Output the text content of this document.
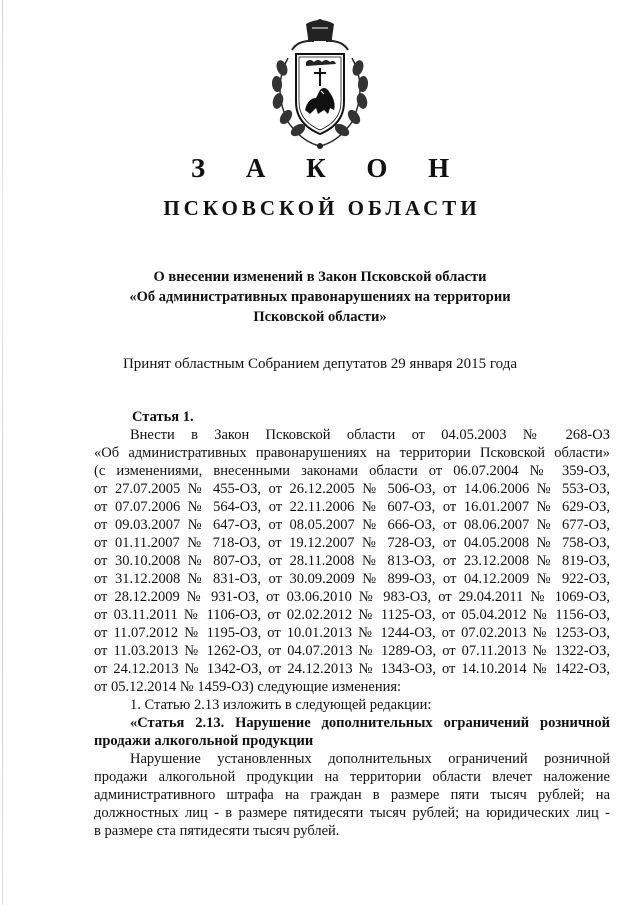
З А К О Н
ПСКОВСКОЙ ОБЛАСТИ
О внесении изменений в Закон Псковской области
«Об административных правонарушениях на территории
Псковской области»
Принят областным Собранием депутатов 29 января 2015 года
Статья 1.
Внести в Закон Псковской области от 04.05.2003 № 268-ОЗ
«Об административных правонарушениях на территории Псковской области»
(с изменениями, внесенными законами области от 06.07.2004 № 359-ОЗ,
от 27.07.2005 № 455-ОЗ, от 26.12.2005 № 506-ОЗ, от 14.06.2006 № 553-ОЗ,
от 07.07.2006 № 564-ОЗ, от 22.11.2006 № 607-ОЗ, от 16.01.2007 № 629-ОЗ,
от 09.03.2007 № 647-ОЗ, от 08.05.2007 № 666-ОЗ, от 08.06.2007 № 677-ОЗ,
от 01.11.2007 № 718-ОЗ, от 19.12.2007 № 728-ОЗ, от 04.05.2008 № 758-ОЗ,
от 30.10.2008 № 807-ОЗ, от 28.11.2008 № 813-ОЗ, от 23.12.2008 № 819-ОЗ,
от 31.12.2008 № 831-ОЗ, от 30.09.2009 № 899-ОЗ, от 04.12.2009 № 922-ОЗ,
от 28.12.2009 № 931-ОЗ, от 03.06.2010 № 983-ОЗ, от 29.04.2011 № 1069-ОЗ,
от 03.11.2011 № 1106-ОЗ, от 02.02.2012 № 1125-ОЗ, от 05.04.2012 № 1156-ОЗ,
от 11.07.2012 № 1195-ОЗ, от 10.01.2013 № 1244-ОЗ, от 07.02.2013 № 1253-ОЗ,
от 11.03.2013 № 1262-ОЗ, от 04.07.2013 № 1289-ОЗ, от 07.11.2013 № 1322-ОЗ,
от 24.12.2013 № 1342-ОЗ, от 24.12.2013 № 1343-ОЗ, от 14.10.2014 № 1422-ОЗ,
от 05.12.2014 № 1459-ОЗ) следующие изменения:
1. Статью 2.13 изложить в следующей редакции:
«Статья 2.13. Нарушение дополнительных ограничений розничной
продажи алкогольной продукции
Нарушение установленных дополнительных ограничений розничной
продажи алкогольной продукции на территории области влечет наложение
административного штрафа на граждан в размере пяти тысяч рублей; на
должностных лиц - в размере пятидесяти тысяч рублей; на юридических лиц -
в размере ста пятидесяти тысяч рублей.
